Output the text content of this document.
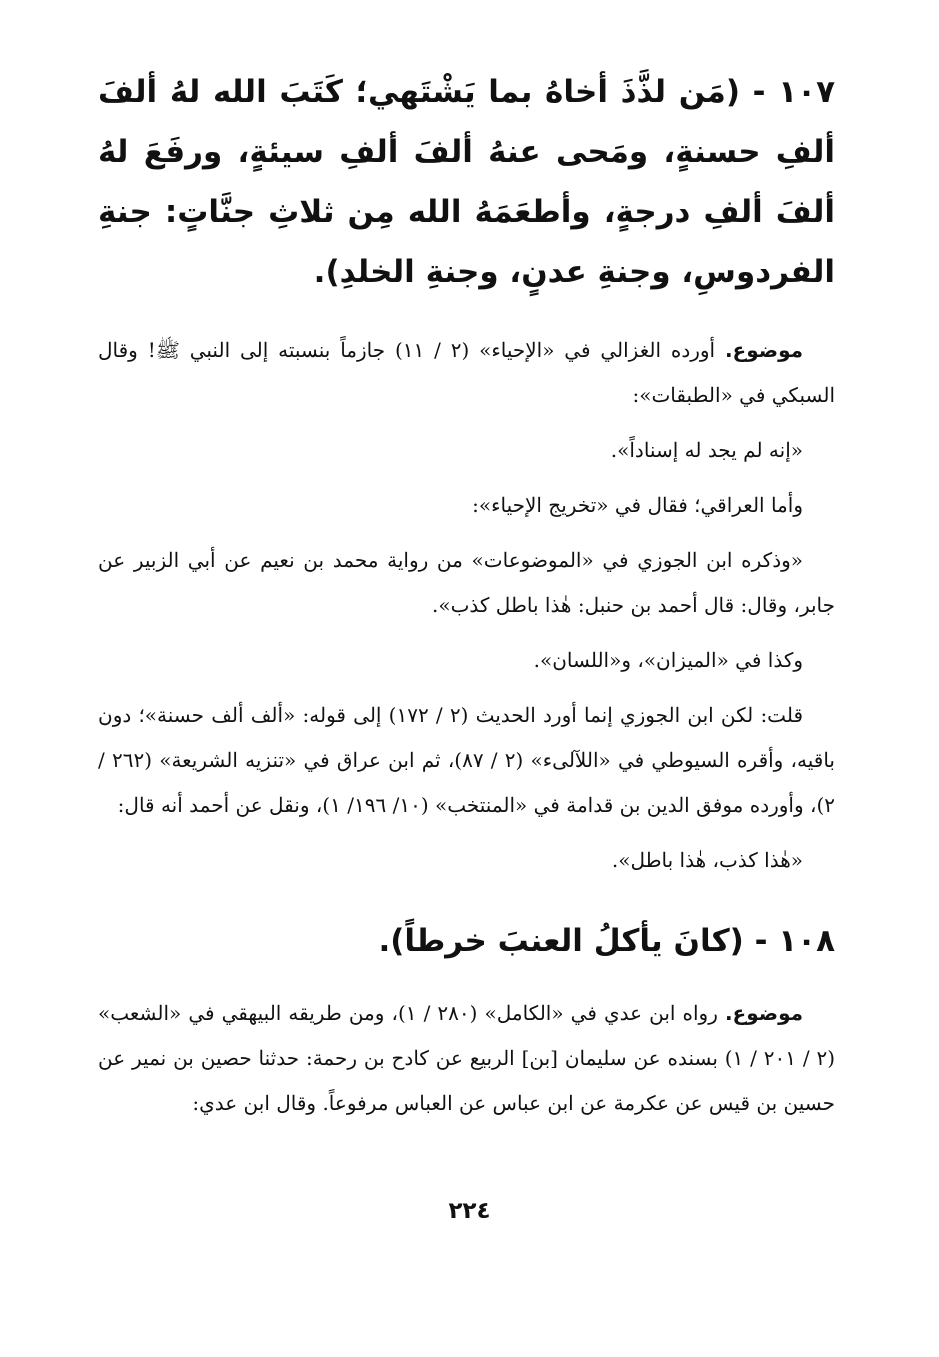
١٠٧ - (مَن لذَّذَ أخاهُ بما يَشْتَهي؛ كَتَبَ الله لهُ ألفَ ألفِ حسنةٍ، ومَحى عنهُ ألفَ ألفِ سيئةٍ، ورفَعَ لهُ ألفَ ألفِ درجةٍ، وأطعَمَهُ الله مِن ثلاثِ جنَّاتٍ: جنةِ الفردوسِ، وجنةِ عدنٍ، وجنةِ الخلدِ).

موضوع. أورده الغزالي في «الإحياء» (٢ / ١١) جازماً بنسبته إلى النبي ﷺ! وقال السبكي في «الطبقات»:

«إنه لم يجد له إسناداً».

وأما العراقي؛ فقال في «تخريج الإحياء»:

«وذكره ابن الجوزي في «الموضوعات» من رواية محمد بن نعيم عن أبي الزبير عن جابر، وقال: قال أحمد بن حنبل: هٰذا باطل كذب».

وكذا في «الميزان»، و«اللسان».

قلت: لكن ابن الجوزي إنما أورد الحديث (٢ / ١٧٢) إلى قوله: «ألف ألف حسنة»؛ دون باقيه، وأقره السيوطي في «اللآلىء» (٢ / ٨٧)، ثم ابن عراق في «تنزيه الشريعة» (٢٦٢ / ٢)، وأورده موفق الدين بن قدامة في «المنتخب» (١٠/ ١٩٦/ ١)، ونقل عن أحمد أنه قال:

«هٰذا كذب، هٰذا باطل».

١٠٨ - (كانَ يأكلُ العنبَ خرطاً).

موضوع. رواه ابن عدي في «الكامل» (٢٨٠ / ١)، ومن طريقه البيهقي في «الشعب» (٢ / ٢٠١ / ١) بسنده عن سليمان [بن] الربيع عن كادح بن رحمة: حدثنا حصين بن نمير عن حسين بن قيس عن عكرمة عن ابن عباس عن العباس مرفوعاً. وقال ابن عدي:

٢٢٤
